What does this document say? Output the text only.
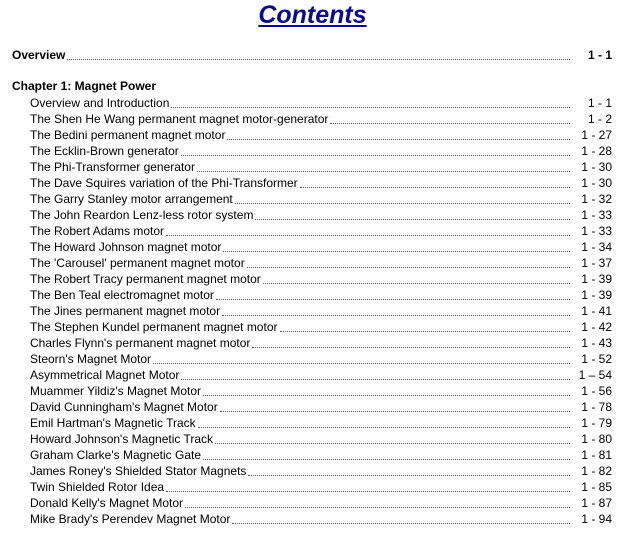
Contents
Overview	1 - 1
Chapter 1: Magnet Power
Overview and Introduction	1 - 1
The Shen He Wang permanent magnet motor-generator	1 - 2
The Bedini permanent magnet motor	1 - 27
The Ecklin-Brown generator	1 - 28
The Phi-Transformer generator	1 - 30
The Dave Squires variation of the Phi-Transformer	1 - 30
The Garry Stanley motor arrangement	1 - 32
The John Reardon Lenz-less rotor system	1 - 33
The Robert Adams motor	1 - 33
The Howard Johnson magnet motor	1 - 34
The 'Carousel' permanent magnet motor	1 - 37
The Robert Tracy permanent magnet motor	1 - 39
The Ben Teal electromagnet motor	1 - 39
The Jines permanent magnet motor	1 - 41
The Stephen Kundel permanent magnet motor	1 - 42
Charles Flynn's permanent magnet motor	1 - 43
Steorn's Magnet Motor	1 - 52
Asymmetrical Magnet Motor	1 – 54
Muammer Yildiz's Magnet Motor	1 - 56
David Cunningham's Magnet Motor	1 - 78
Emil Hartman's Magnetic Track	1 - 79
Howard Johnson's Magnetic Track	1 - 80
Graham Clarke's Magnetic Gate	1 - 81
James Roney's Shielded Stator Magnets	1 - 82
Twin Shielded Rotor Idea	1 - 85
Donald Kelly's Magnet Motor	1 - 87
Mike Brady's Perendev Magnet Motor	1 - 94
